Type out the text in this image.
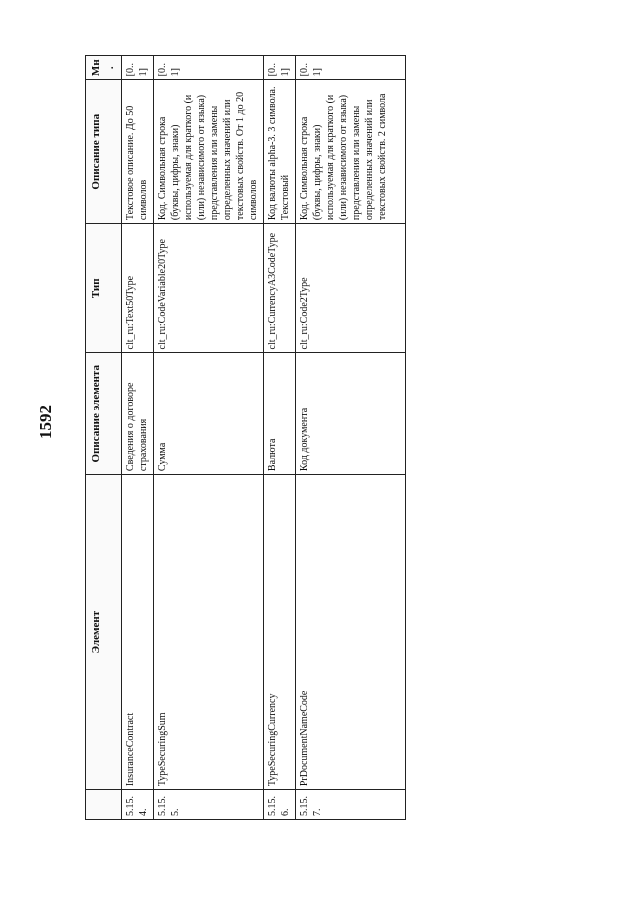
1592
	Элемент	Описание элемента	Тип	Описание типа	Мн.
5.15.4.	InsuranceContract	Сведения о договоре страхования	clt_ru:Text50Type	Текстовое описание. До 50 символов	[0..1]
5.15.5.	TypeSecuringSum	Сумма	clt_ru:CodeVariable20Type	Код. Символьная строка (буквы, цифры, знаки) используемая для краткого (и (или) независимого от языка) представления или замены определенных значений или текстовых свойств. От 1 до 20 символов	[0..1]
5.15.6.	TypeSecuringCurrency	Валюта	clt_ru:CurrencyA3CodeType	Код валюты alpha-3. 3 символа. Текстовый	[0..1]
5.15.7.	PrDocumentNameCode	Код документа	clt_ru:Code2Type	Код. Символьная строка (буквы, цифры, знаки) используемая для краткого (и (или) независимого от языка) представления или замены определенных значений или текстовых свойств. 2 символа	[0..1]
